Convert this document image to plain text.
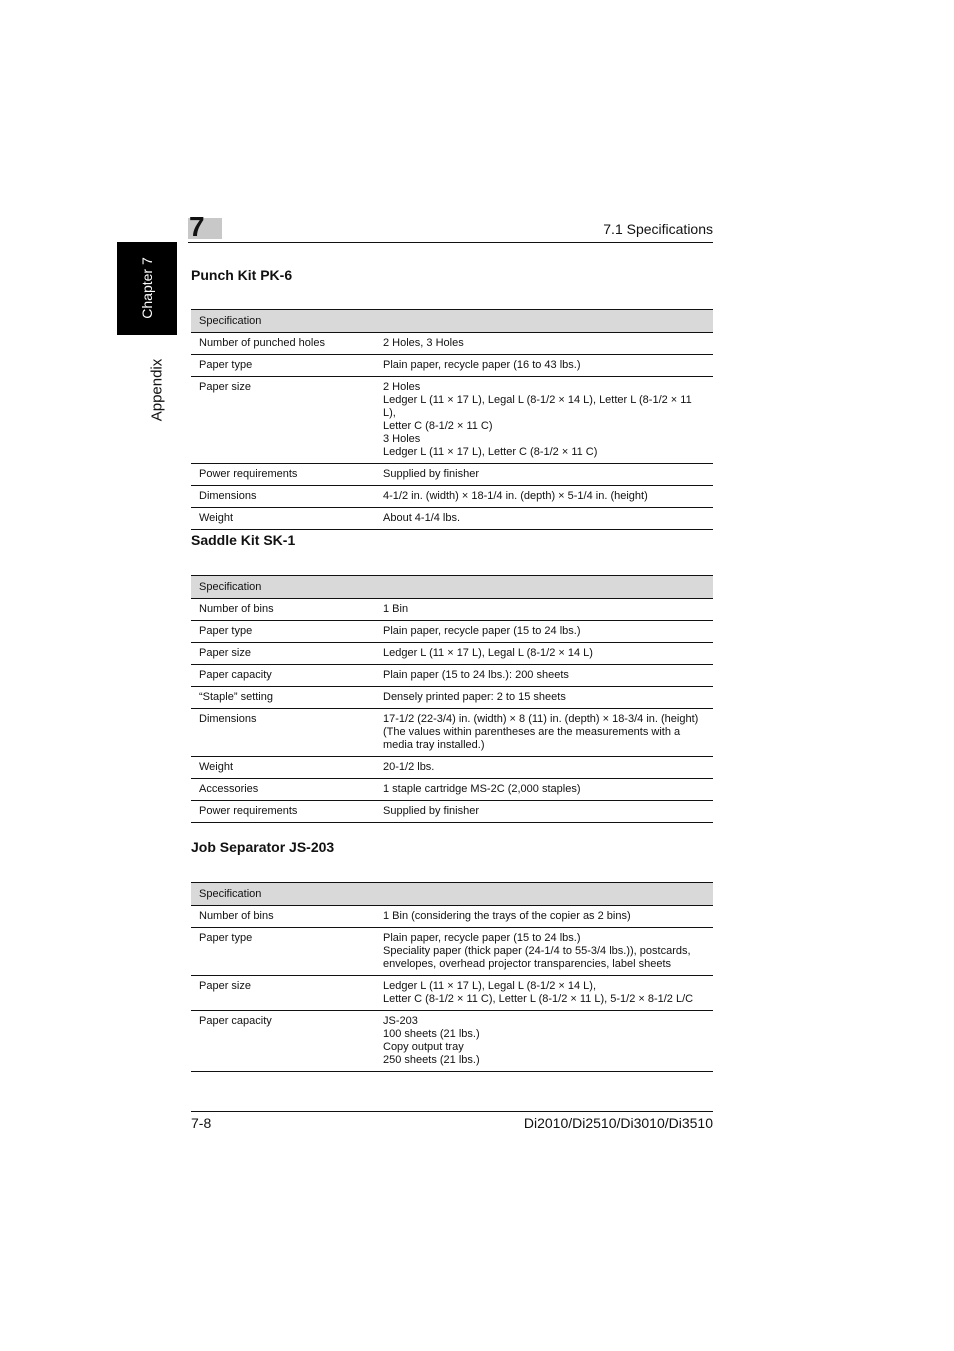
7	7.1 Specifications
Chapter 7
Appendix
Punch Kit PK-6
Specification	
Number of punched holes	2 Holes, 3 Holes

Paper type	Plain paper, recycle paper (16 to 43 lbs.)

Paper size	2 Holes
Ledger L (11 × 17 L), Legal L (8-1/2 × 14 L), Letter L (8-1/2 × 11 L),
Letter C (8-1/2 × 11 C)
3 Holes
Ledger L (11 × 17 L), Letter C (8-1/2 × 11 C)

Power requirements	Supplied by finisher

Dimensions	4-1/2 in. (width) × 18-1/4 in. (depth) × 5-1/4 in. (height)

Weight	About 4-1/4 lbs.
Saddle Kit SK-1
Specification	
Number of bins	1 Bin

Paper type	Plain paper, recycle paper (15 to 24 lbs.)

Paper size	Ledger L (11 × 17 L), Legal L (8-1/2 × 14 L)

Paper capacity	Plain paper (15 to 24 lbs.): 200 sheets

“Staple” setting	Densely printed paper: 2 to 15 sheets

Dimensions	17-1/2 (22-3/4) in. (width) × 8 (11) in. (depth) × 18-3/4 in. (height)
(The values within parentheses are the measurements with a
media tray installed.)

Weight	20-1/2 lbs.

Accessories	1 staple cartridge MS-2C (2,000 staples)

Power requirements	Supplied by finisher
Job Separator JS-203
Specification	
Number of bins	1 Bin (considering the trays of the copier as 2 bins)

Paper type	Plain paper, recycle paper (15 to 24 lbs.)
Speciality paper (thick paper (24-1/4 to 55-3/4 lbs.)), postcards,
envelopes, overhead projector transparencies, label sheets

Paper size	Ledger L (11 × 17 L), Legal L (8-1/2 × 14 L),
Letter C (8-1/2 × 11 C), Letter L (8-1/2 × 11 L), 5-1/2 × 8-1/2 L/C

Paper capacity	JS-203
100 sheets (21 lbs.)
Copy output tray
250 sheets (21 lbs.)
7-8	Di2010/Di2510/Di3010/Di3510
